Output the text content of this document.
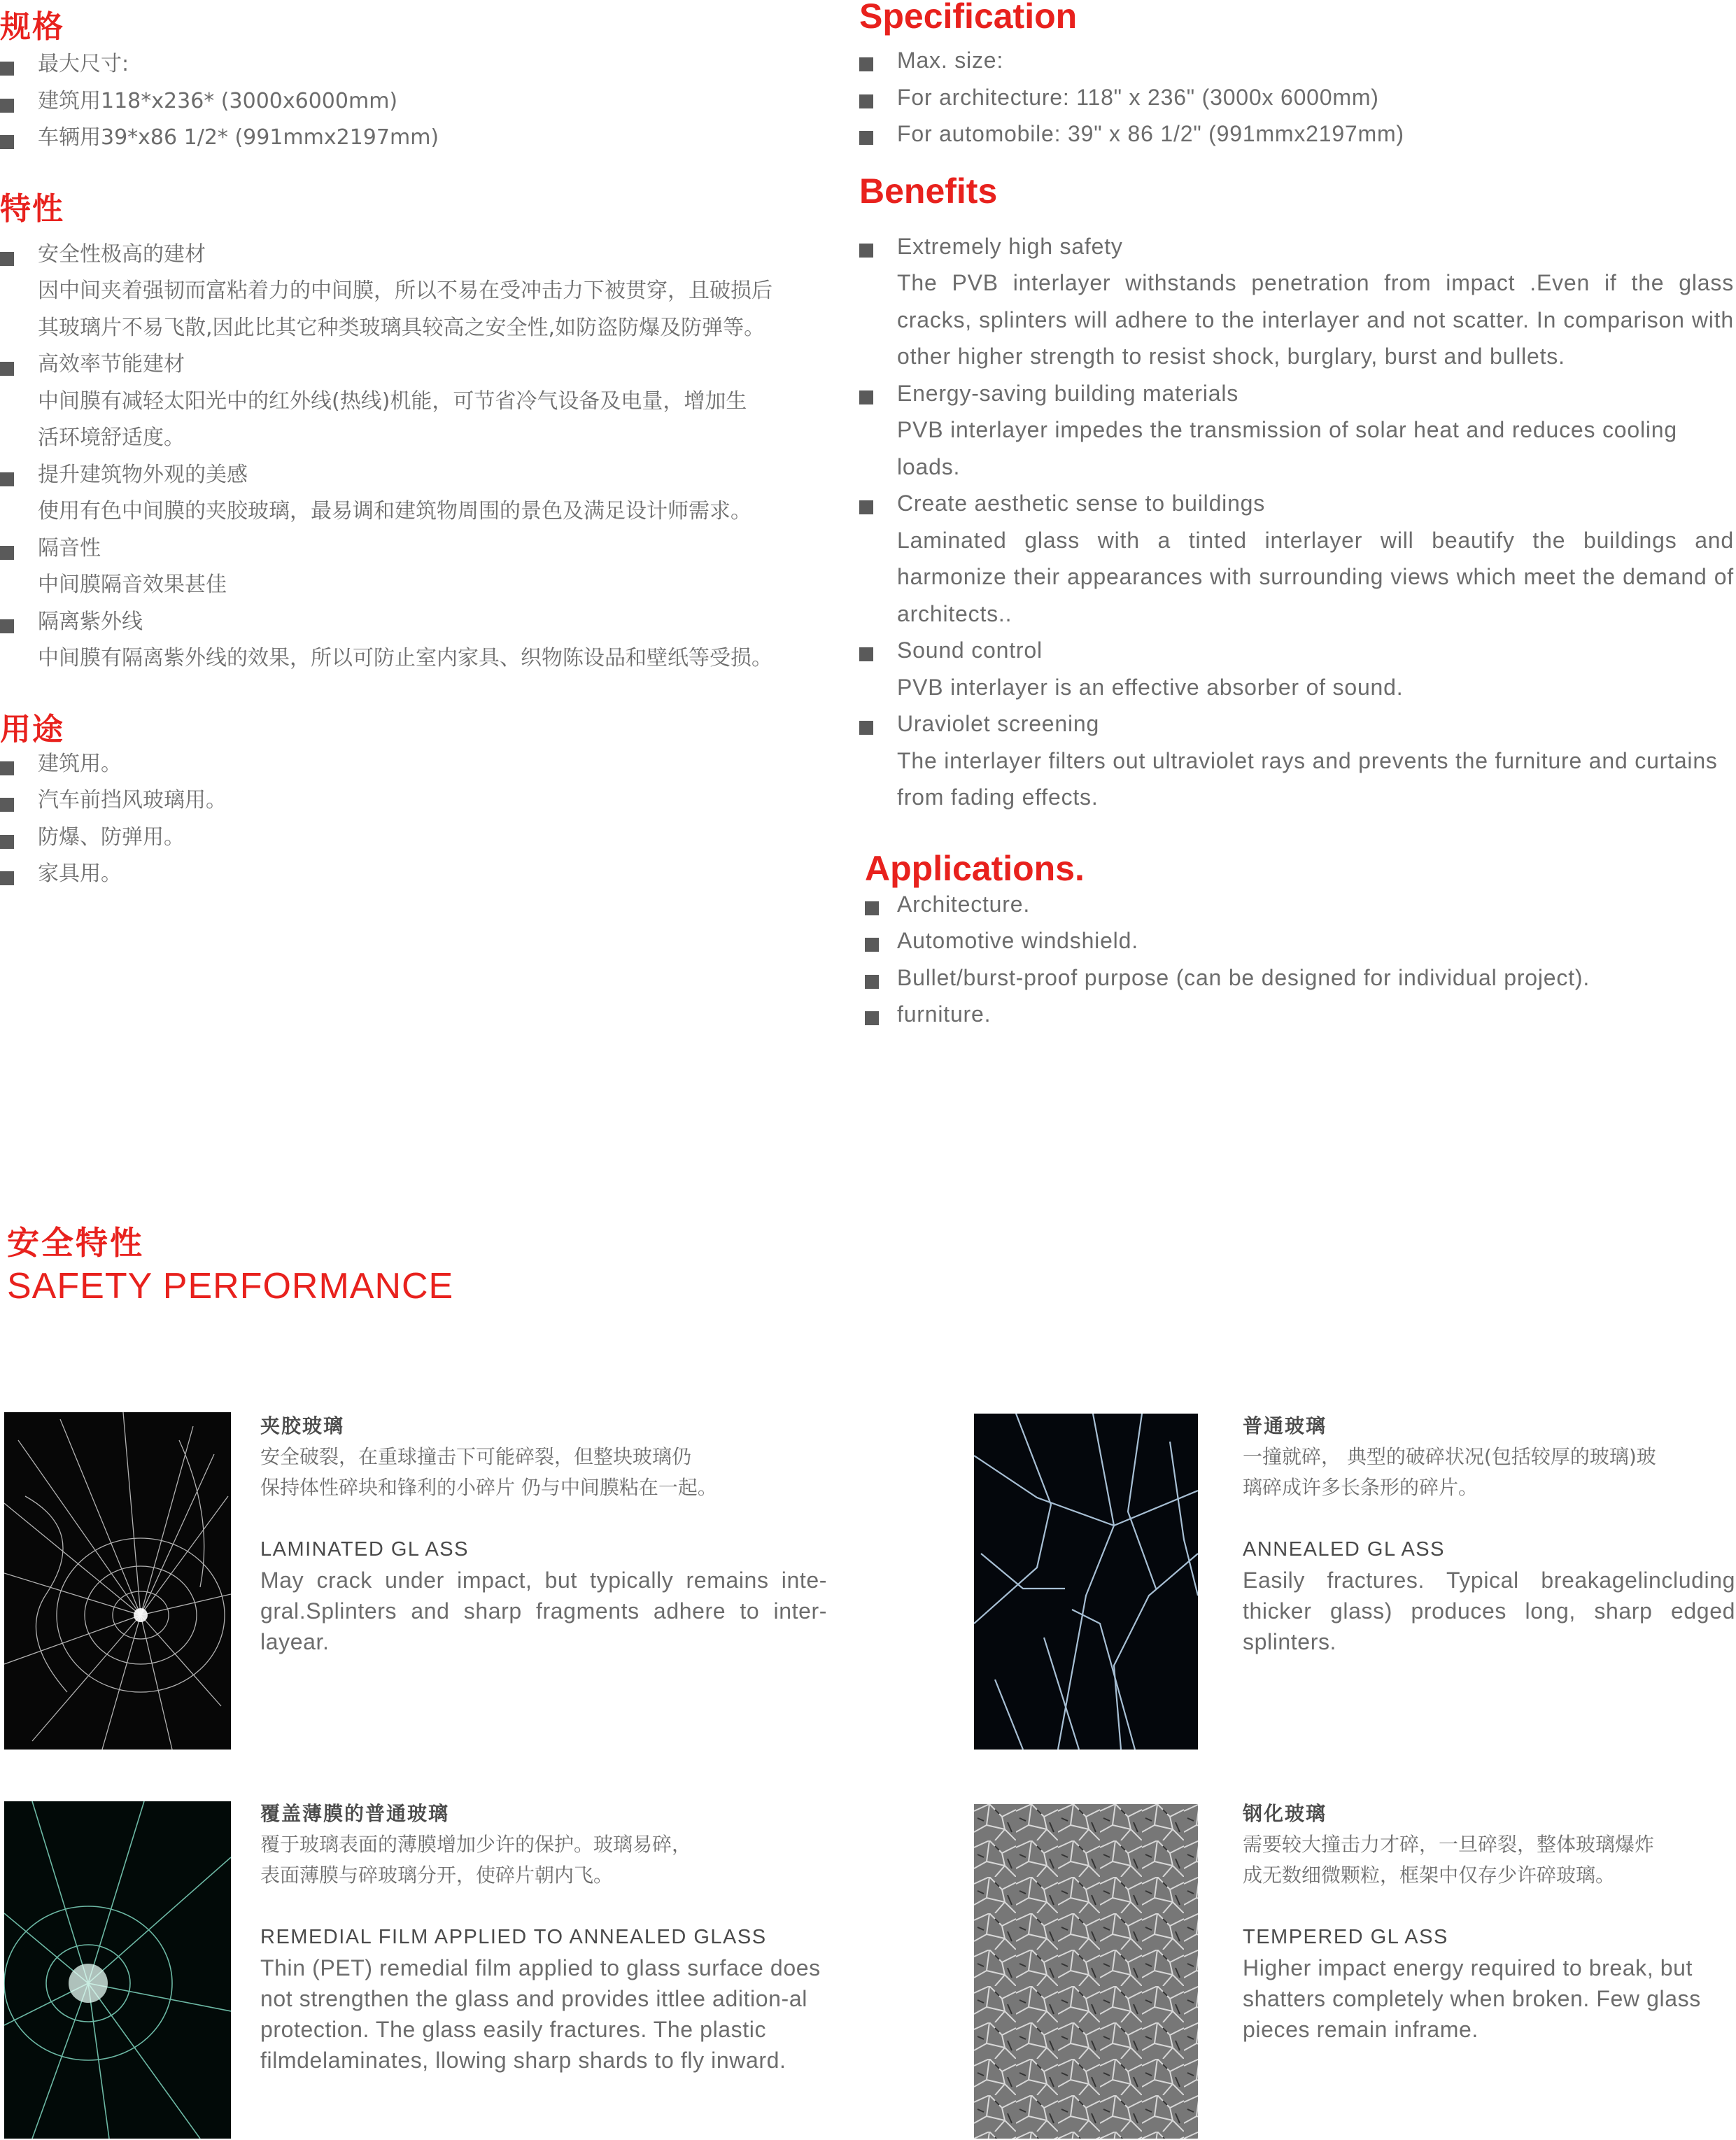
规格
最大尺寸:
建筑用118*x236* (3000x6000mm)
车辆用39*x86 1/2* (991mmx2197mm)
特性
安全性极高的建材
因中间夹着强韧而富粘着力的中间膜，所以不易在受冲击力下被贯穿，且破损后
其玻璃片不易飞散,因此比其它种类玻璃具较高之安全性,如防盗防爆及防弹等。
高效率节能建材
中间膜有减轻太阳光中的红外线(热线)机能，可节省冷气设备及电量，增加生
活环境舒适度。
提升建筑物外观的美感
使用有色中间膜的夹胶玻璃，最易调和建筑物周围的景色及满足设计师需求。
隔音性
中间膜隔音效果甚佳
隔离紫外线
中间膜有隔离紫外线的效果，所以可防止室内家具、织物陈设品和壁纸等受损。
用途
建筑用。
汽车前挡风玻璃用。
防爆、防弹用。
家具用。
Specification
Max. size:
For architecture: 118" x 236" (3000x 6000mm)
For automobile: 39" x 86 1/2" (991mmx2197mm)
Benefits
Extremely high safety
The PVB interlayer withstands penetration from impact .Even if the glass cracks, splinters will adhere to the interlayer and not scatter. In comparison with other higher strength to resist shock, burglary, burst and bullets.
Energy-saving building materials
PVB interlayer impedes the transmission of solar heat and reduces cooling loads.
Create aesthetic sense to buildings
Laminated glass with a tinted interlayer will beautify the buildings and harmonize their appearances with surrounding views which meet the demand of architects..
Sound control
PVB interlayer is an effective absorber of sound.
Uraviolet screening
The interlayer filters out ultraviolet rays and prevents the furniture and curtains from fading effects.
Applications.
Architecture.
Automotive windshield.
Bullet/burst-proof purpose (can be designed for individual project).
furniture.
安全特性
SAFETY PERFORMANCE
夹胶玻璃
安全破裂，在重球撞击下可能碎裂，但整块玻璃仍
保持体性碎块和锋利的小碎片 仍与中间膜粘在一起。
LAMINATED GL ASS
May crack under impact, but typically remains inte-gral.Splinters and sharp fragments adhere to inter-layear.
普通玻璃
一撞就碎， 典型的破碎状况(包括较厚的玻璃)玻
璃碎成许多长条形的碎片。
ANNEALED GL ASS
Easily fractures. Typical breakagelincluding thicker glass) produces long, sharp edged splinters.
覆盖薄膜的普通玻璃
覆于玻璃表面的薄膜增加少许的保护。玻璃易碎，
表面薄膜与碎玻璃分开，使碎片朝内飞。
REMEDIAL FILM APPLIED TO ANNEALED GLASS
Thin (PET) remedial film applied to glass surface does
not strengthen the glass and provides ittlee adition-al
protection. The glass easily fractures. The plastic filmdelaminates, llowing sharp shards to fly inward.
钢化玻璃
需要较大撞击力才碎，一旦碎裂，整体玻璃爆炸
成无数细微颗粒，框架中仅存少许碎玻璃。
TEMPERED GL ASS
Higher impact energy required to break, but shatters completely when broken. Few glass pieces remain inframe.
